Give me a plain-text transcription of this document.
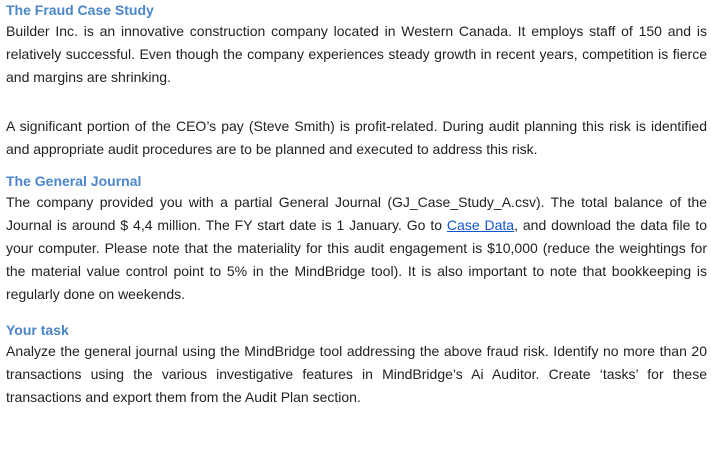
The Fraud Case Study

Builder Inc. is an innovative construction company located in Western Canada. It employs staff of 150 and is relatively successful. Even though the company experiences steady growth in recent years, competition is fierce and margins are shrinking.

A significant portion of the CEO’s pay (Steve Smith) is profit-related. During audit planning this risk is identified and appropriate audit procedures are to be planned and executed to address this risk.

The General Journal

The company provided you with a partial General Journal (GJ_Case_Study_A.csv). The total balance of the Journal is around $ 4,4 million. The FY start date is 1 January. Go to Case Data, and download the data file to your computer. Please note that the materiality for this audit engagement is $10,000 (reduce the weightings for the material value control point to 5% in the MindBridge tool). It is also important to note that bookkeeping is regularly done on weekends.

Your task

Analyze the general journal using the MindBridge tool addressing the above fraud risk. Identify no more than 20 transactions using the various investigative features in MindBridge’s Ai Auditor. Create ‘tasks’ for these transactions and export them from the Audit Plan section.
